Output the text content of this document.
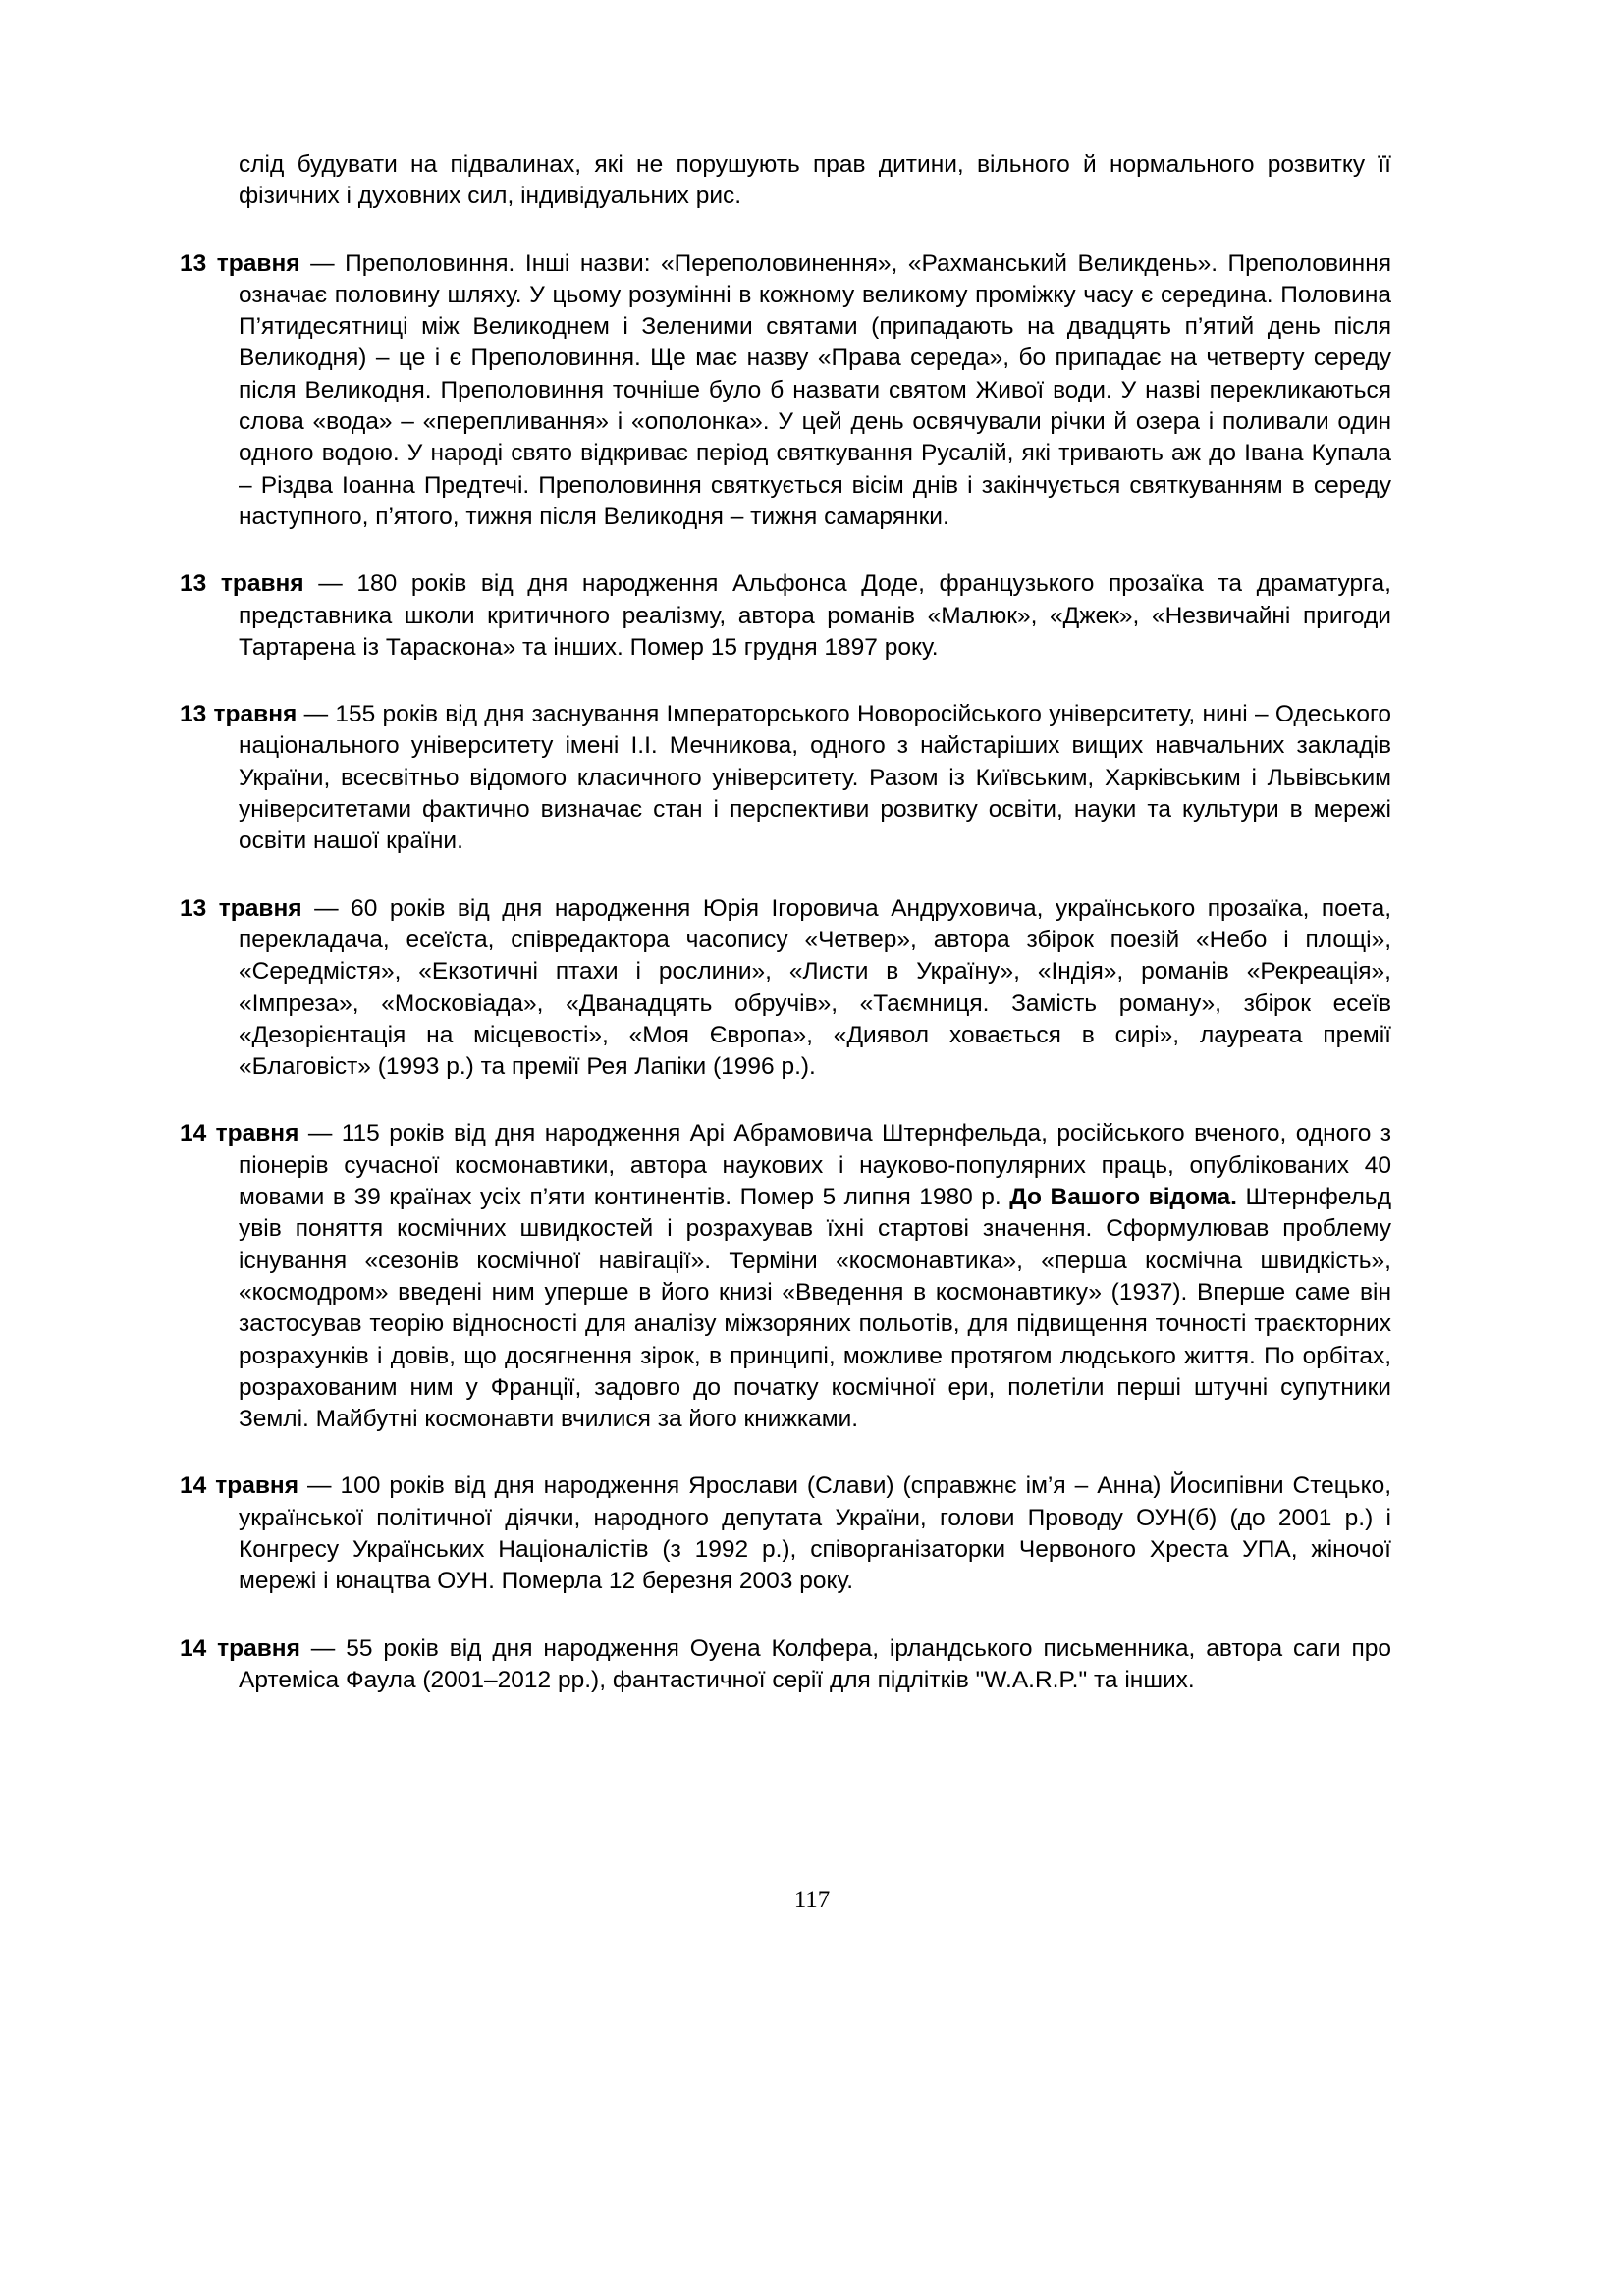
слід будувати на підвалинах, які не порушують прав дитини, вільного й нормального розвитку її фізичних і духовних сил, індивідуальних рис.

13 травня — Преполовиння. Інші назви: «Переполовинення», «Рахманський Великдень». Преполовиння означає половину шляху. У цьому розумінні в кожному великому проміжку часу є середина. Половина П’ятидесятниці між Великоднем і Зеленими святами (припадають на двадцять п’ятий день після Великодня) – це і є Преполовиння. Ще має назву «Права середа», бо припадає на четверту середу після Великодня. Преполовиння точніше було б назвати святом Живої води. У назві перекликаються слова «вода» – «перепливання» і «ополонка». У цей день освячували річки й озера і поливали один одного водою. У народі свято відкриває період святкування Русалій, які тривають аж до Івана Купала – Різдва Іоанна Предтечі. Преполовиння святкується вісім днів і закінчується святкуванням в середу наступного, п’ятого, тижня після Великодня – тижня самарянки.

13 травня — 180 років від дня народження Альфонса Доде, французького прозаїка та драматурга, представника школи критичного реалізму, автора романів «Малюк», «Джек», «Незвичайні пригоди Тартарена із Тараскона» та інших. Помер 15 грудня 1897 року.

13 травня — 155 років від дня заснування Імператорського Новоросійського університету, нині – Одеського національного університету імені І.І. Мечникова, одного з найстаріших вищих навчальних закладів України, всесвітньо відомого класичного університету. Разом із Київським, Харківським і Львівським університетами фактично визначає стан і перспективи розвитку освіти, науки та культури в мережі освіти нашої країни.

13 травня — 60 років від дня народження Юрія Ігоровича Андруховича, українського прозаїка, поета, перекладача, есеїста, співредактора часопису «Четвер», автора збірок поезій «Небо і площі», «Середмістя», «Екзотичні птахи і рослини», «Листи в Україну», «Індія», романів «Рекреація», «Імпреза», «Московіада», «Дванадцять обручів», «Таємниця. Замість роману», збірок есеїв «Дезорієнтація на місцевості», «Моя Європа», «Диявол ховається в сирі», лауреата премії «Благовіст» (1993 р.) та премії Рея Лапіки (1996 р.).

14 травня — 115 років від дня народження Арі Абрамовича Штернфельда, російського вченого, одного з піонерів сучасної космонавтики, автора наукових і науково-популярних праць, опублікованих 40 мовами в 39 країнах усіх п’яти континентів. Помер 5 липня 1980 р. До Вашого відома. Штернфельд увів поняття космічних швидкостей і розрахував їхні стартові значення. Сформулював проблему існування «сезонів космічної навігації». Терміни «космонавтика», «перша космічна швидкість», «космодром» введені ним уперше в його книзі «Введення в космонавтику» (1937). Вперше саме він застосував теорію відносності для аналізу міжзоряних польотів, для підвищення точності траєкторних розрахунків і довів, що досягнення зірок, в принципі, можливе протягом людського життя. По орбітах, розрахованим ним у Франції, задовго до початку космічної ери, полетіли перші штучні супутники Землі. Майбутні космонавти вчилися за його книжками.

14 травня — 100 років від дня народження Ярослави (Слави) (справжнє ім’я – Анна) Йосипівни Стецько, української політичної діячки, народного депутата України, голови Проводу ОУН(б) (до 2001 р.) і Конгресу Українських Націоналістів (з 1992 р.), співорганізаторки Червоного Хреста УПА, жіночої мережі і юнацтва ОУН. Померла 12 березня 2003 року.

14 травня — 55 років від дня народження Оуена Колфера, ірландського письменника, автора саги про Артеміса Фаула (2001–2012 рр.), фантастичної серії для підлітків "W.A.R.P." та інших.

117
